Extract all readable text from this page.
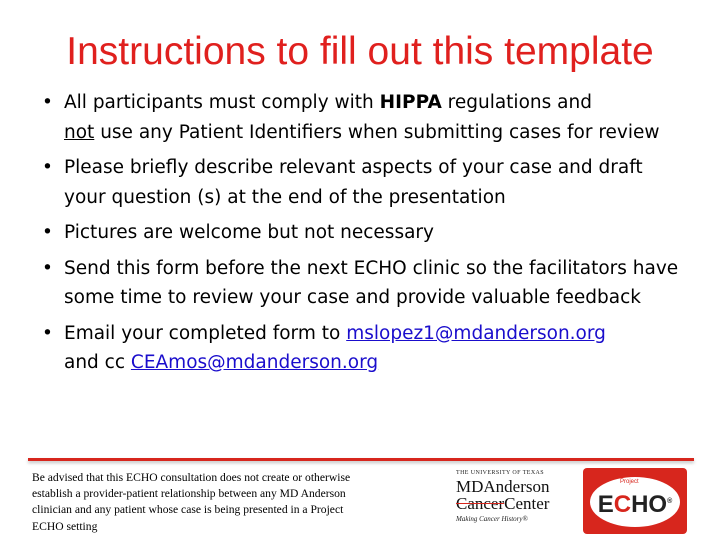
Instructions to fill out this template
• All participants must comply with HIPPA regulations and
not use any Patient Identifiers when submitting cases for review
• Please briefly describe relevant aspects of your case and draft your question (s) at the end of the presentation
• Pictures are welcome but not necessary
• Send this form before the next ECHO clinic so the facilitators have some time to review your case and provide valuable feedback
• Email your completed form to mslopez1@mdanderson.org
and cc CEAmos@mdanderson.org
Be advised that this ECHO consultation does not create or otherwise establish a provider-patient relationship between any MD Anderson clinician and any patient whose case is being presented in a Project ECHO setting
THE UNIVERSITY OF TEXAS
MDAnderson
CancerCenter
Making Cancer History®
Project
ECHO®
